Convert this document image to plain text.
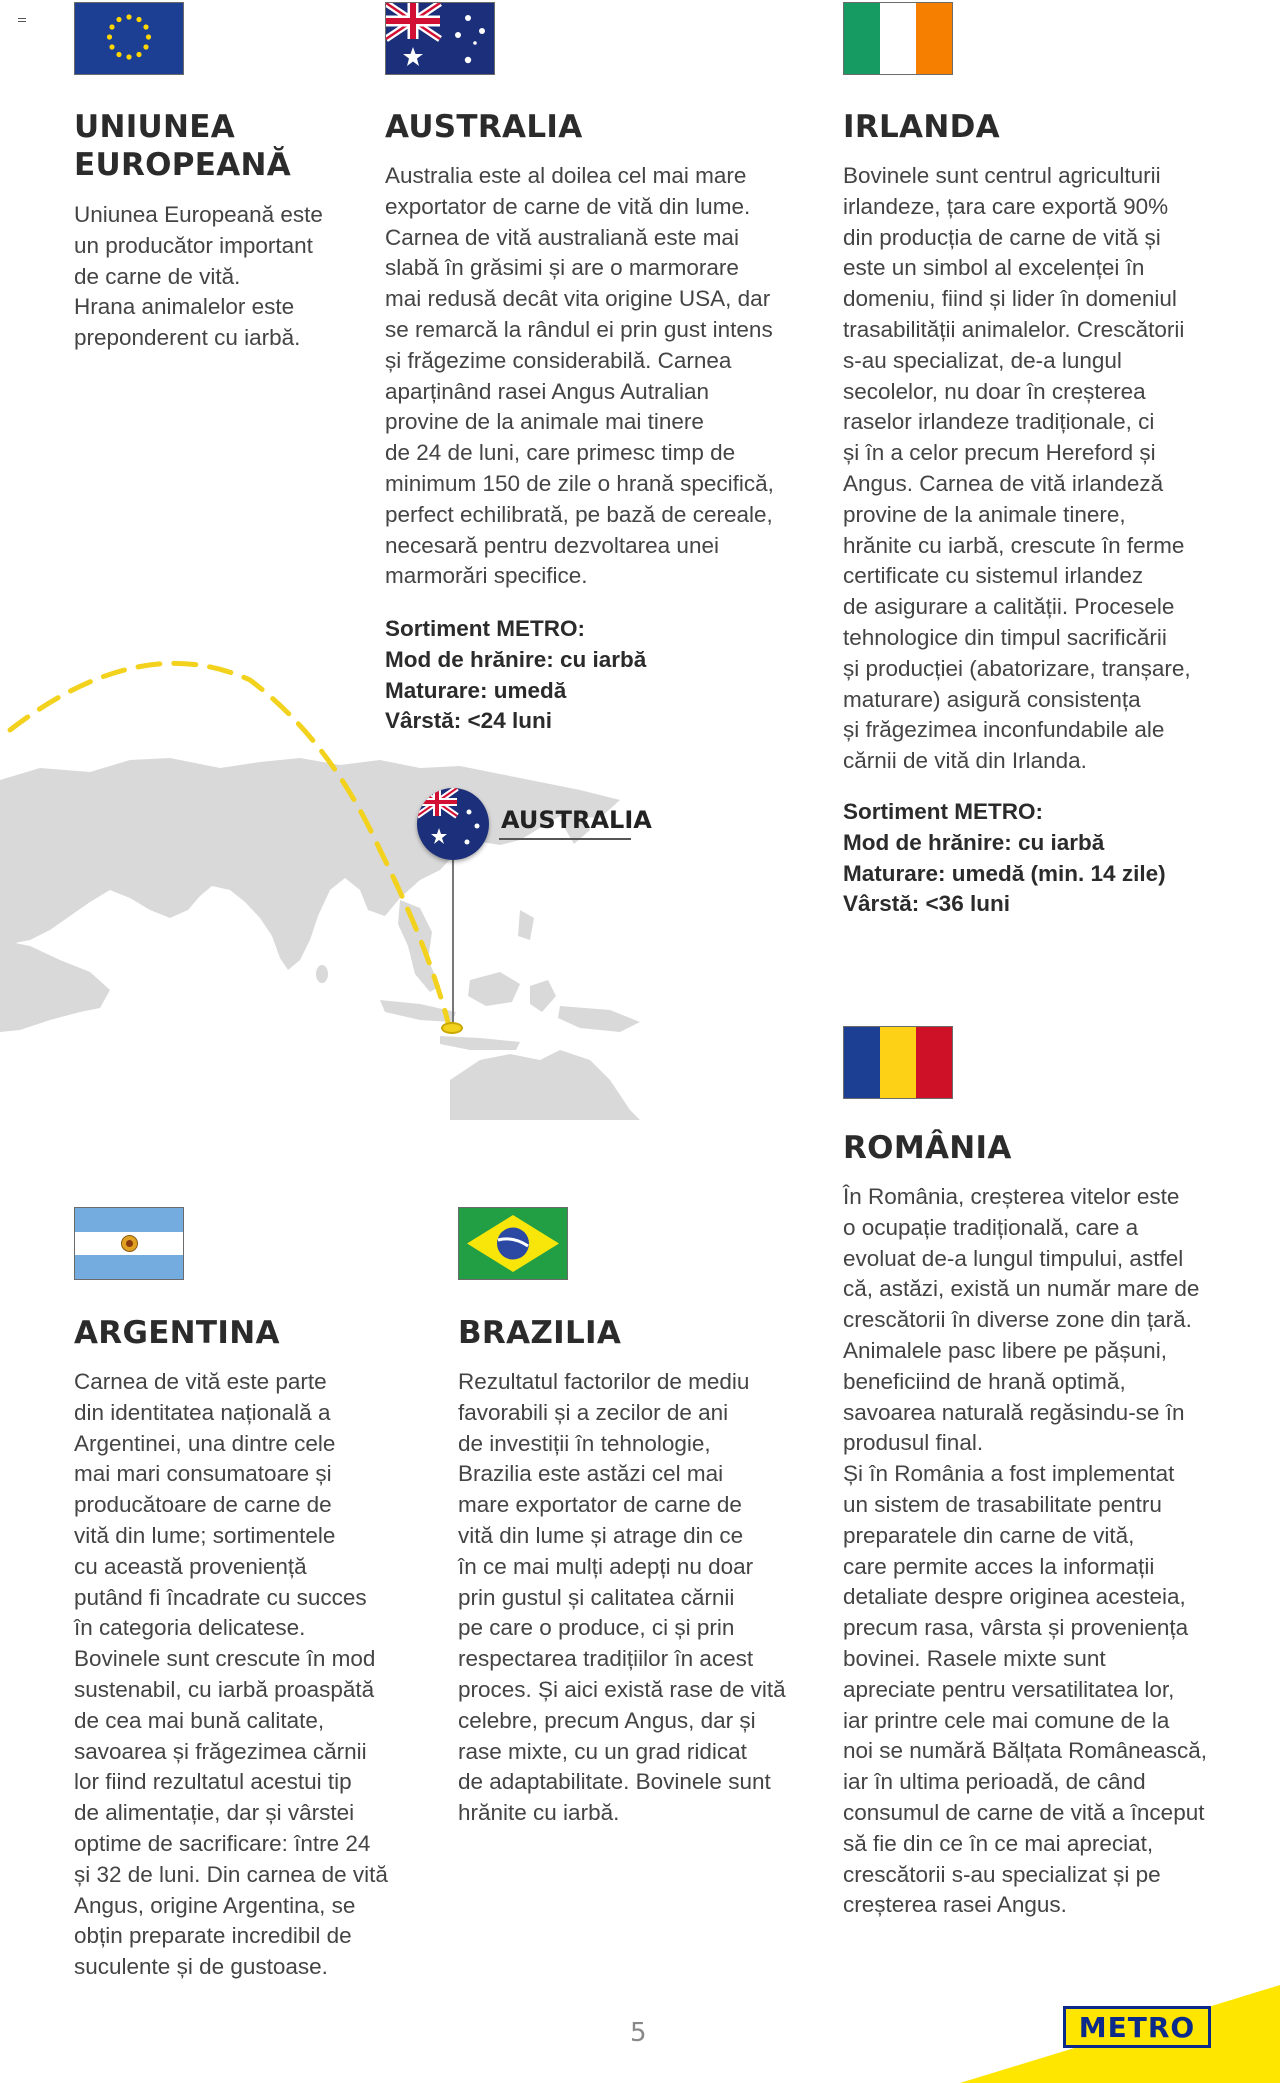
AUSTRALIA
UNIUNEA
EUROPEANĂ
Uniunea Europeană este
un producător important
de carne de vită.
Hrana animalelor este
preponderent cu iarbă.
AUSTRALIA
Australia este al doilea cel mai mare
exportator de carne de vită din lume.
Carnea de vită australiană este mai
slabă în grăsimi și are o marmorare
mai redusă decât vita origine USA, dar
se remarcă la rândul ei prin gust intens
și frăgezime considerabilă. Carnea
aparținând rasei Angus Autralian
provine de la animale mai tinere
de 24 de luni, care primesc timp de
minimum 150 de zile o hrană specifică,
perfect echilibrată, pe bază de cereale,
necesară pentru dezvoltarea unei
marmorări specifice.
Sortiment METRO:
Mod de hrănire: cu iarbă
Maturare: umedă
Vârstă: <24 luni
IRLANDA
Bovinele sunt centrul agriculturii
irlandeze, țara care exportă 90%
din producția de carne de vită și
este un simbol al excelenței în
domeniu, fiind și lider în domeniul
trasabilității animalelor. Crescătorii
s-au specializat, de-a lungul
secolelor, nu doar în creșterea
raselor irlandeze tradiționale, ci
și în a celor precum Hereford și
Angus. Carnea de vită irlandeză
provine de la animale tinere,
hrănite cu iarbă, crescute în ferme
certificate cu sistemul irlandez
de asigurare a calității. Procesele
tehnologice din timpul sacrificării
și producției (abatorizare, tranșare,
maturare) asigură consistența
și frăgezimea inconfundabile ale
cărnii de vită din Irlanda.
Sortiment METRO:
Mod de hrănire: cu iarbă
Maturare: umedă (min. 14 zile)
Vârstă: <36 luni
ROMÂNIA
În România, creșterea vitelor este
o ocupație tradițională, care a
evoluat de-a lungul timpului, astfel
că, astăzi, există un număr mare de
crescătorii în diverse zone din țară.
Animalele pasc libere pe pășuni,
beneficiind de hrană optimă,
savoarea naturală regăsindu-se în
produsul final.
Și în România a fost implementat
un sistem de trasabilitate pentru
preparatele din carne de vită,
care permite acces la informații
detaliate despre originea acesteia,
precum rasa, vârsta și proveniența
bovinei. Rasele mixte sunt
apreciate pentru versatilitatea lor,
iar printre cele mai comune de la
noi se numără Bălțata Românească,
iar în ultima perioadă, de când
consumul de carne de vită a început
să fie din ce în ce mai apreciat,
crescătorii s-au specializat și pe
creșterea rasei Angus.
ARGENTINA
Carnea de vită este parte
din identitatea națională a
Argentinei, una dintre cele
mai mari consumatoare și
producătoare de carne de
vită din lume; sortimentele
cu această proveniență
putând fi încadrate cu succes
în categoria delicatese.
Bovinele sunt crescute în mod
sustenabil, cu iarbă proaspătă
de cea mai bună calitate,
savoarea și frăgezimea cărnii
lor fiind rezultatul acestui tip
de alimentație, dar și vârstei
optime de sacrificare: între 24
și 32 de luni. Din carnea de vită
Angus, origine Argentina, se
obțin preparate incredibil de
suculente și de gustoase.
BRAZILIA
Rezultatul factorilor de mediu
favorabili și a zecilor de ani
de investiții în tehnologie,
Brazilia este astăzi cel mai
mare exportator de carne de
vită din lume și atrage din ce
în ce mai mulți adepți nu doar
prin gustul și calitatea cărnii
pe care o produce, ci și prin
respectarea tradițiilor în acest
proces. Și aici există rase de vită
celebre, precum Angus, dar și
rase mixte, cu un grad ridicat
de adaptabilitate. Bovinele sunt
hrănite cu iarbă.
5	METRO
